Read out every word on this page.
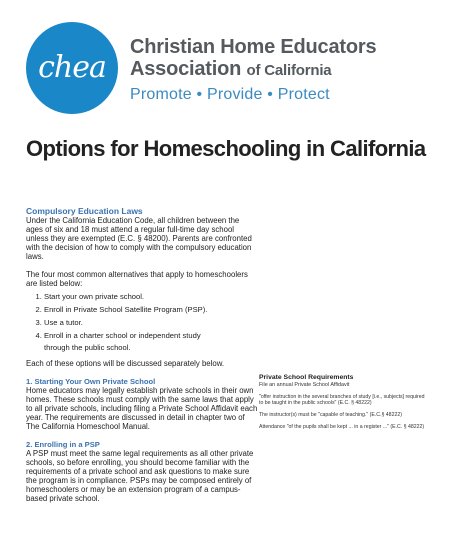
chea
Christian Home Educators
Association of California
Promote • Provide • Protect
Options for Homeschooling in California
Compulsory Education Laws

Under the California Education Code, all children between the ages of six and 18 must attend a regular full-time day school unless they are exempted (E.C. § 48200). Parents are confronted with the decision of how to comply with the compulsory education laws.

The four most common alternatives that apply to homeschoolers are listed below:

1. Start your own private school.
2. Enroll in Private School Satellite Program (PSP).
3. Use a tutor.
4. Enroll in a charter school or independent study
through the public school.

Each of these options will be discussed separately below.

1. Starting Your Own Private School

Home educators may legally establish private schools in their own homes. These schools must comply with the same laws that apply to all private schools, including filing a Private School Affidavit each year. The requirements are discussed in detail in chapter two of The California Homeschool Manual.

2. Enrolling in a PSP

A PSP must meet the same legal requirements as all other private schools, so before enrolling, you should become familiar with the requirements of a private school and ask questions to make sure the program is in compliance. PSPs may be composed entirely of homeschoolers or may be an extension program of a campus-based private school.

Private School Requirements
File an annual Private School Affidavit
"offer instruction in the several branches of study [i.e., subjects] required to be taught in the public schools" (E.C. § 48222)
The instructor(s) must be "capable of teaching." (E.C.§ 48222)
Attendance "of the pupils shall be kept ... in a register ..." (E.C. § 48222)
